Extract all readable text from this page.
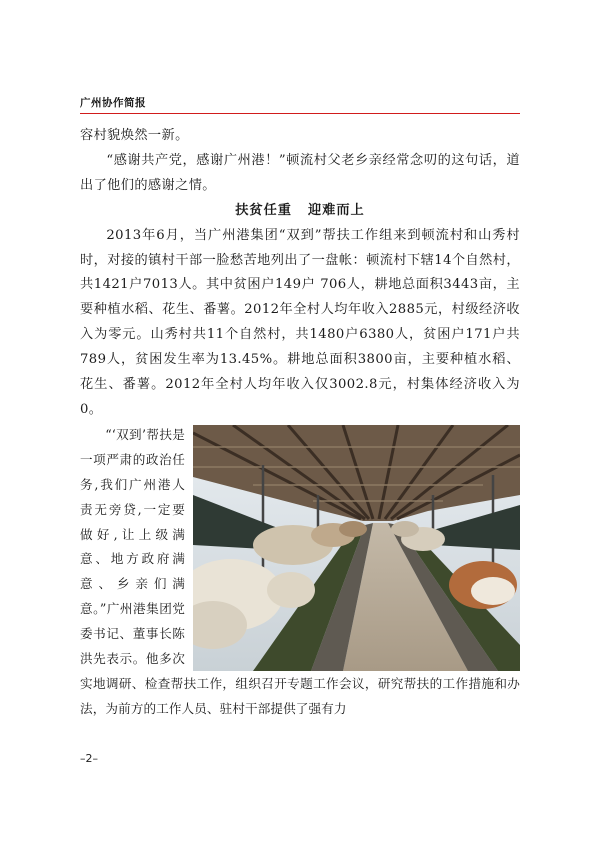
广州协作简报

容村貌焕然一新。

“感谢共产党，感谢广州港！”顿流村父老乡亲经常念叨的这句话，道出了他们的感谢之情。

扶贫任重 迎难而上

2013年6月，当广州港集团“双到”帮扶工作组来到顿流村和山秀村时，对接的镇村干部一脸愁苦地列出了一盘帐：顿流村下辖14个自然村，共1421户7013人。其中贫困户149户 706人，耕地总面积3443亩，主要种植水稻、花生、番薯。2012年全村人均年收入2885元，村级经济收入为零元。山秀村共11个自然村，共1480户6380人，贫困户171户共789人，贫困发生率为13.45%。耕地总面积3800亩，主要种植水稻、花生、番薯。2012年全村人均年收入仅3002.8元，村集体经济收入为0。

“‘双到’帮扶是一项严肃的政治任务,我们广州港人责无旁贷,一定要做好,让上级满意、地方政府满意、乡亲们满意。”广州港集团党委书记、董事长陈洪先表示。他多次实地调研、检查帮扶工作，组织召开专题工作会议，研究帮扶的工作措施和办法，为前方的工作人员、驻村干部提供了强有力

–2–
